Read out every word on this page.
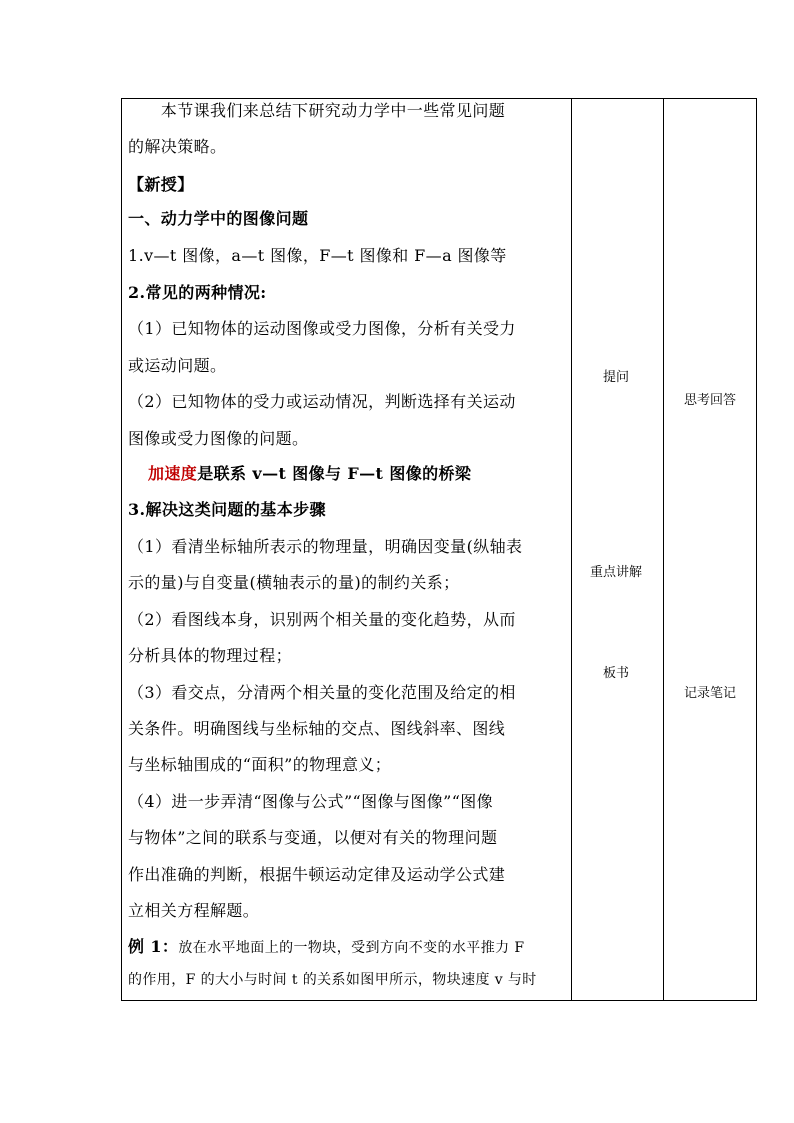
　　本节课我们来总结下研究动力学中一些常见问题
的解决策略。
【新授】
一、动力学中的图像问题
1.v—t 图像，a—t 图像，F—t 图像和 F—a 图像等
2.常见的两种情况:
（1）已知物体的运动图像或受力图像，分析有关受力
或运动问题。
（2）已知物体的受力或运动情况，判断选择有关运动
图像或受力图像的问题。
加速度是联系 v—t 图像与 F—t 图像的桥梁
3.解决这类问题的基本步骤
（1）看清坐标轴所表示的物理量，明确因变量(纵轴表
示的量)与自变量(横轴表示的量)的制约关系；
（2）看图线本身，识别两个相关量的变化趋势，从而
分析具体的物理过程；
（3）看交点，分清两个相关量的变化范围及给定的相
关条件。明确图线与坐标轴的交点、图线斜率、图线
与坐标轴围成的“面积”的物理意义；
（4）进一步弄清“图像与公式”“图像与图像”“图像
与物体”之间的联系与变通，以便对有关的物理问题
作出准确的判断，根据牛顿运动定律及运动学公式建
立相关方程解题。
例 1：放在水平地面上的一物块，受到方向不变的水平推力 F
的作用，F 的大小与时间 t 的关系如图甲所示，物块速度 v 与时
提问
重点讲解
板书
思考回答
记录笔记
